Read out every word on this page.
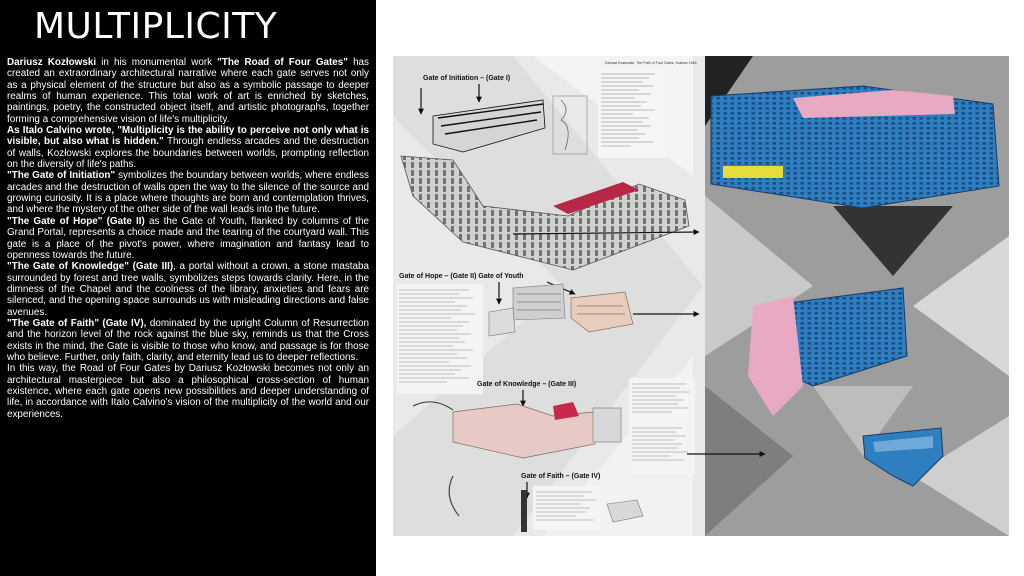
MULTIPLICITY

Dariusz Kozłowski in his monumental work "The Road of Four Gates" has created an extraordinary architectural narrative where each gate serves not only as a physical element of the structure but also as a symbolic passage to deeper realms of human experience. This total work of art is enriched by sketches, paintings, poetry, the constructed object itself, and artistic photographs, together forming a comprehensive vision of life's multiplicity.

As Italo Calvino wrote, "Multiplicity is the ability to perceive not only what is visible, but also what is hidden." Through endless arcades and the destruction of walls, Kozłowski explores the boundaries between worlds, prompting reflection on the diversity of life's paths.

"The Gate of Initiation" symbolizes the boundary between worlds, where endless arcades and the destruction of walls open the way to the silence of the source and growing curiosity. It is a place where thoughts are born and contemplation thrives, and where the mystery of the other side of the wall leads into the future.

"The Gate of Hope" (Gate II) as the Gate of Youth, flanked by columns of the Grand Portal, represents a choice made and the tearing of the courtyard wall. This gate is a place of the pivot's power, where imagination and fantasy lead to openness towards the future.

"The Gate of Knowledge" (Gate III), a portal without a crown, a stone mastaba surrounded by forest and tree walls, symbolizes steps towards clarity. Here, in the dimness of the Chapel and the coolness of the library, anxieties and fears are silenced, and the opening space surrounds us with misleading directions and false avenues.

"The Gate of Faith" (Gate IV), dominated by the upright Column of Resurrection and the horizon level of the rock against the blue sky, reminds us that the Cross exists in the mind, the Gate is visible to those who know, and passage is for those who believe. Further, only faith, clarity, and eternity lead us to deeper reflections.

In this way, the Road of Four Gates by Dariusz Kozłowski becomes not only an architectural masterpiece but also a philosophical cross-section of human existence, where each gate opens new possibilities and deeper understanding of life, in accordance with Italo Calvino's vision of the multiplicity of the world and our experiences.

Dariusz Kozłowski, The Path of Four Gates, Kraków 1984
Gate of Initiation – (Gate I)
Gate of Hope – (Gate II) Gate of Youth
Gate of Knowledge – (Gate III)
Gate of Faith – (Gate IV)
